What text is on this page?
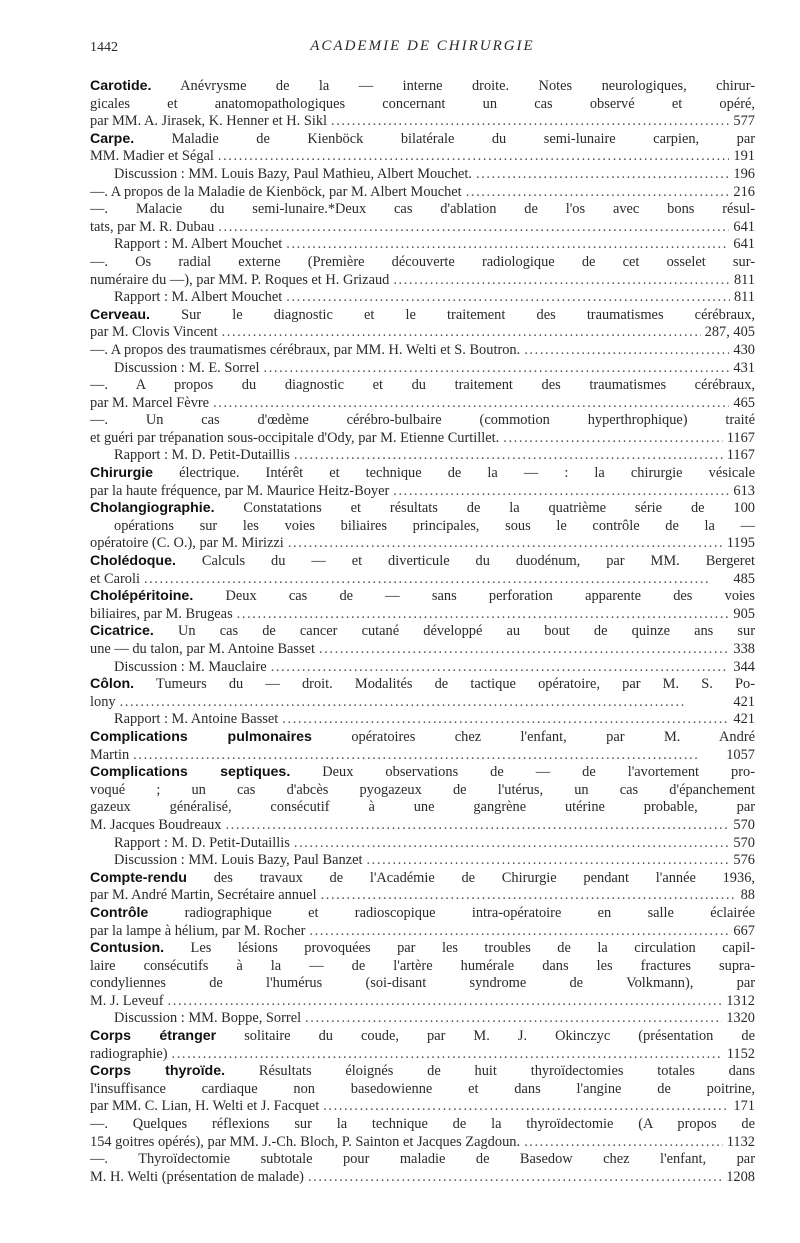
1442	ACADEMIE DE CHIRURGIE
Carotide. Anévrysme de la — interne droite. Notes neurologiques, chirur-
gicales et anatomopathologiques concernant un cas observé et opéré,
par MM. A. Jirasek, K. Henner et H. Sikl . . .	577
Carpe. Maladie de Kienböck bilatérale du semi-lunaire carpien, par
MM. Madier et Ségal . . .	191
Discussion : MM. Louis Bazy, Paul Mathieu, Albert Mouchet. . . .	196
—. A propos de la Maladie de Kienböck, par M. Albert Mouchet . . .	216
—. Malacie du semi-lunaire.*Deux cas d'ablation de l'os avec bons résul-
tats, par M. R. Dubau . . .	641
Rapport : M. Albert Mouchet . . .	641
—. Os radial externe (Première découverte radiologique de cet osselet sur-
numéraire du —), par MM. P. Roques et H. Grizaud . . .	811
Rapport : M. Albert Mouchet . . .	811
Cerveau. Sur le diagnostic et le traitement des traumatismes cérébraux,
par M. Clovis Vincent . . .	287, 405
—. A propos des traumatismes cérébraux, par MM. H. Welti et S. Boutron. . . .	430
Discussion : M. E. Sorrel . . .	431
—. A propos du diagnostic et du traitement des traumatismes cérébraux,
par M. Marcel Fèvre . . .	465
—. Un cas d'œdème cérébro-bulbaire (commotion hyperthrophique) traité
et guéri par trépanation sous-occipitale d'Ody, par M. Etienne Curtillet. . . .	1167
Rapport : M. D. Petit-Dutaillis . . .	1167
Chirurgie électrique. Intérêt et technique de la — : la chirurgie vésicale
par la haute fréquence, par M. Maurice Heitz-Boyer . . .	613
Cholangiographie. Constatations et résultats de la quatrième série de 100
opérations sur les voies biliaires principales, sous le contrôle de la —
opératoire (C. O.), par M. Mirizzi . . .	1195
Cholédoque. Calculs du — et diverticule du duodénum, par MM. Bergeret
et Caroli . . .	485
Cholépéritoine. Deux cas de — sans perforation apparente des voies
biliaires, par M. Brugeas . . .	905
Cicatrice. Un cas de cancer cutané développé au bout de quinze ans sur
une — du talon, par M. Antoine Basset . . .	338
Discussion : M. Mauclaire . . .	344
Côlon. Tumeurs du — droit. Modalités de tactique opératoire, par M. S. Po-
lony . . .	421
Rapport : M. Antoine Basset . . .	421
Complications pulmonaires opératoires chez l'enfant, par M. André
Martin . . .	1057
Complications septiques. Deux observations de — de l'avortement pro-
voqué ; un cas d'abcès pyogazeux de l'utérus, un cas d'épanchement
gazeux généralisé, consécutif à une gangrène utérine probable, par
M. Jacques Boudreaux . . .	570
Rapport : M. D. Petit-Dutaillis . . .	570
Discussion : MM. Louis Bazy, Paul Banzet . . .	576
Compte-rendu des travaux de l'Académie de Chirurgie pendant l'année 1936,
par M. André Martin, Secrétaire annuel . . .	88
Contrôle radiographique et radioscopique intra-opératoire en salle éclairée
par la lampe à hélium, par M. Rocher . . .	667
Contusion. Les lésions provoquées par les troubles de la circulation capil-
laire consécutifs à la — de l'artère humérale dans les fractures supra-
condyliennes de l'humérus (soi-disant syndrome de Volkmann), par
M. J. Leveuf . . .	1312
Discussion : MM. Boppe, Sorrel . . .	1320
Corps étranger solitaire du coude, par M. J. Okinczyc (présentation de
radiographie) . . .	1152
Corps thyroïde. Résultats éloignés de huit thyroïdectomies totales dans
l'insuffisance cardiaque non basedowienne et dans l'angine de poitrine,
par MM. C. Lian, H. Welti et J. Facquet . . .	171
—. Quelques réflexions sur la technique de la thyroïdectomie (A propos de
154 goitres opérés), par MM. J.-Ch. Bloch, P. Sainton et Jacques Zagdoun. . . .	1132
—. Thyroïdectomie subtotale pour maladie de Basedow chez l'enfant, par
M. H. Welti (présentation de malade) . . .	1208
